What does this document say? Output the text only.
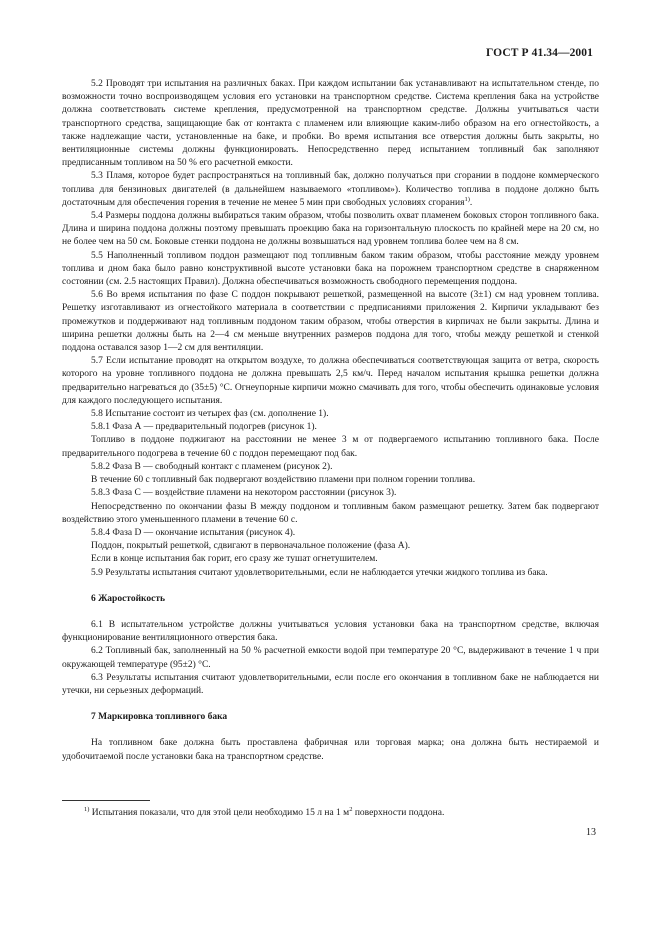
ГОСТ Р 41.34—2001

5.2 Проводят три испытания на различных баках. При каждом испытании бак устанавливают на испытательном стенде, по возможности точно воспроизводящем условия его установки на транспортном средстве. Система крепления бака на устройстве должна соответствовать системе крепления, предусмотренной на транспортном средстве. Должны учитываться части транспортного средства, защищающие бак от контакта с пламенем или влияющие каким-либо образом на его огнестойкость, а также надлежащие части, установленные на баке, и пробки. Во время испытания все отверстия должны быть закрыты, но вентиляционные системы должны функционировать. Непосредственно перед испытанием топливный бак заполняют предписанным топливом на 50 % его расчетной емкости.

5.3 Пламя, которое будет распространяться на топливный бак, должно получаться при сгорании в поддоне коммерческого топлива для бензиновых двигателей (в дальнейшем называемого «топливом»). Количество топлива в поддоне должно быть достаточным для обеспечения горения в течение не менее 5 мин при свободных условиях сгорания$^{1)}$.

5.4 Размеры поддона должны выбираться таким образом, чтобы позволить охват пламенем боковых сторон топливного бака. Длина и ширина поддона должны поэтому превышать проекцию бака на горизонтальную плоскость по крайней мере на 20 см, но не более чем на 50 см. Боковые стенки поддона не должны возвышаться над уровнем топлива более чем на 8 см.

5.5 Наполненный топливом поддон размещают под топливным баком таким образом, чтобы расстояние между уровнем топлива и дном бака было равно конструктивной высоте установки бака на порожнем транспортном средстве в снаряженном состоянии (см. 2.5 настоящих Правил). Должна обеспечиваться возможность свободного перемещения поддона.

5.6 Во время испытания по фазе С поддон покрывают решеткой, размещенной на высоте (3±1) см над уровнем топлива. Решетку изготавливают из огнестойкого материала в соответствии с предписаниями приложения 2. Кирпичи укладывают без промежутков и поддерживают над топливным поддоном таким образом, чтобы отверстия в кирпичах не были закрыты. Длина и ширина решетки должны быть на 2—4 см меньше внутренних размеров поддона для того, чтобы между решеткой и стенкой поддона оставался зазор 1—2 см для вентиляции.

5.7 Если испытание проводят на открытом воздухе, то должна обеспечиваться соответствующая защита от ветра, скорость которого на уровне топливного поддона не должна превышать 2,5 км/ч. Перед началом испытания крышка решетки должна предварительно нагреваться до (35±5) °С. Огнеупорные кирпичи можно смачивать для того, чтобы обеспечить одинаковые условия для каждого последующего испытания.

5.8 Испытание состоит из четырех фаз (см. дополнение 1).

5.8.1 Фаза А — предварительный подогрев (рисунок 1).

Топливо в поддоне поджигают на расстоянии не менее 3 м от подвергаемого испытанию топливного бака. После предварительного подогрева в течение 60 с поддон перемещают под бак.

5.8.2 Фаза В — свободный контакт с пламенем (рисунок 2).

В течение 60 с топливный бак подвергают воздействию пламени при полном горении топлива.

5.8.3 Фаза С — воздействие пламени на некотором расстоянии (рисунок 3).

Непосредственно по окончании фазы В между поддоном и топливным баком размещают решетку. Затем бак подвергают воздействию этого уменьшенного пламени в течение 60 с.

5.8.4 Фаза D — окончание испытания (рисунок 4).

Поддон, покрытый решеткой, сдвигают в первоначальное положение (фаза А).

Если в конце испытания бак горит, его сразу же тушат огнетушителем.

5.9 Результаты испытания считают удовлетворительными, если не наблюдается утечки жидкого топлива из бака.

6 Жаростойкость

6.1 В испытательном устройстве должны учитываться условия установки бака на транспортном средстве, включая функционирование вентиляционного отверстия бака.

6.2 Топливный бак, заполненный на 50 % расчетной емкости водой при температуре 20 °С, выдерживают в течение 1 ч при окружающей температуре (95±2) °С.

6.3 Результаты испытания считают удовлетворительными, если после его окончания в топливном баке не наблюдается ни утечки, ни серьезных деформаций.

7 Маркировка топливного бака

На топливном баке должна быть проставлена фабричная или торговая марка; она должна быть нестираемой и удобочитаемой после установки бака на транспортном средстве.

$^{1)}$ Испытания показали, что для этой цели необходимо 15 л на 1 $м^2$ поверхности поддона.
13
